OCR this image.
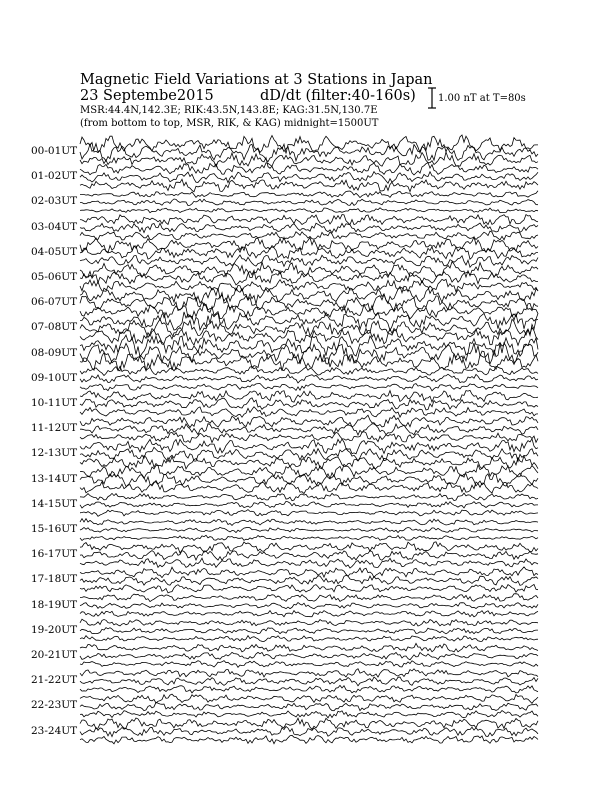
Magnetic Field Variations at 3 Stations in Japan
23 Septembe2015	dD/dt (filter:40-160s)
MSR:44.4N,142.3E; RIK:43.5N,143.8E; KAG:31.5N,130.7E
(from bottom to top, MSR, RIK, & KAG) midnight=1500UT
1.00 nT at T=80s
00-01UT
01-02UT
02-03UT
03-04UT
04-05UT
05-06UT
06-07UT
07-08UT
08-09UT
09-10UT
10-11UT
11-12UT
12-13UT
13-14UT
14-15UT
15-16UT
16-17UT
17-18UT
18-19UT
19-20UT
20-21UT
21-22UT
22-23UT
23-24UT
